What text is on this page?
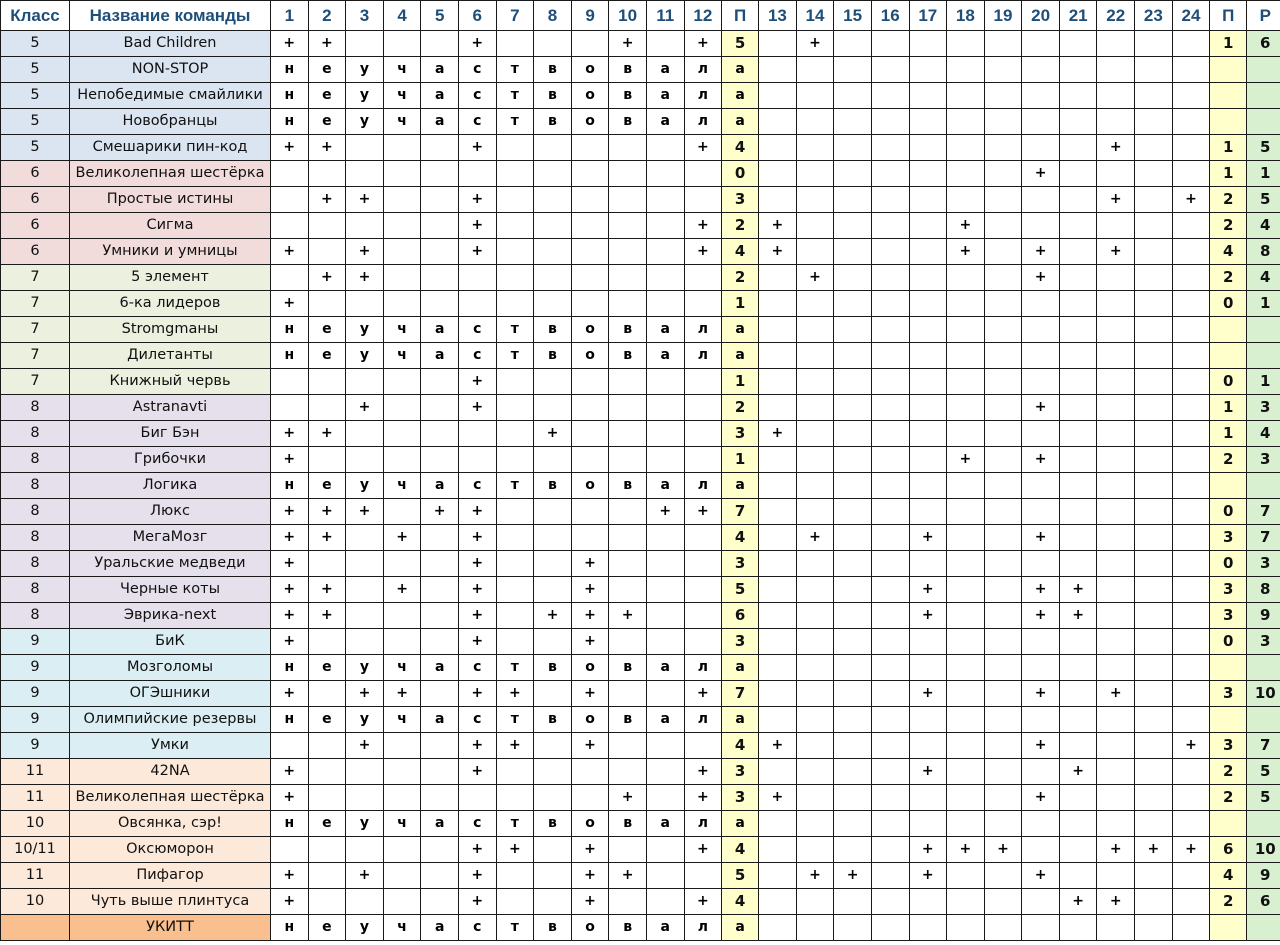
Класс	Название команды	1	2	3	4	5	6	7	8	9	10	11	12	П	13	14	15	16	17	18	19	20	21	22	23	24	П	Р
5	Bad Children	+	+				+				+		+	5		+											1	6
5	NON-STOP	н	е	у	ч	а	с	т	в	о	в	а	л	а														
5	Непобедимые смайлики	н	е	у	ч	а	с	т	в	о	в	а	л	а														
5	Новобранцы	н	е	у	ч	а	с	т	в	о	в	а	л	а														
5	Смешарики пин-код	+	+				+						+	4										+			1	5
6	Великолепная шестёрка													0								+					1	1
6	Простые истины		+	+			+							3										+		+	2	5
6	Сигма						+						+	2	+					+							2	4
6	Умники и умницы	+		+			+						+	4	+					+		+		+			4	8
7	5 элемент		+	+										2		+						+					2	4
7	6-ка лидеров	+												1													0	1
7	Stromgmaны	н	е	у	ч	а	с	т	в	о	в	а	л	а														
7	Дилетанты	н	е	у	ч	а	с	т	в	о	в	а	л	а														
7	Книжный червь						+							1													0	1
8	Astranavti			+			+							2								+					1	3
8	Биг Бэн	+	+						+					3	+												1	4
8	Грибочки	+												1						+		+					2	3
8	Логика	н	е	у	ч	а	с	т	в	о	в	а	л	а														
8	Люкс	+	+	+		+	+					+	+	7													0	7
8	МегаМозг	+	+		+		+							4		+			+			+					3	7
8	Уральские медведи	+					+			+				3													0	3
8	Черные коты	+	+		+		+			+				5					+			+	+				3	8
8	Эврика-next	+	+				+		+	+	+			6					+			+	+				3	9
9	БиК	+					+			+				3													0	3
9	Мозголомы	н	е	у	ч	а	с	т	в	о	в	а	л	а														
9	ОГЭшники	+		+	+		+	+		+			+	7					+			+		+			3	10
9	Олимпийские резервы	н	е	у	ч	а	с	т	в	о	в	а	л	а														
9	Умки			+			+	+		+				4	+							+				+	3	7
11	42NA	+					+						+	3					+				+				2	5
11	Великолепная шестёрка	+									+		+	3	+							+					2	5
10	Овсянка, сэр!	н	е	у	ч	а	с	т	в	о	в	а	л	а														
10/11	Оксюморон						+	+		+			+	4					+	+	+			+	+	+	6	10
11	Пифагор	+		+			+			+	+			5		+	+		+			+					4	9
10	Чуть выше плинтуса	+					+			+			+	4									+	+			2	6
	УКИТТ	н	е	у	ч	а	с	т	в	о	в	а	л	а														
